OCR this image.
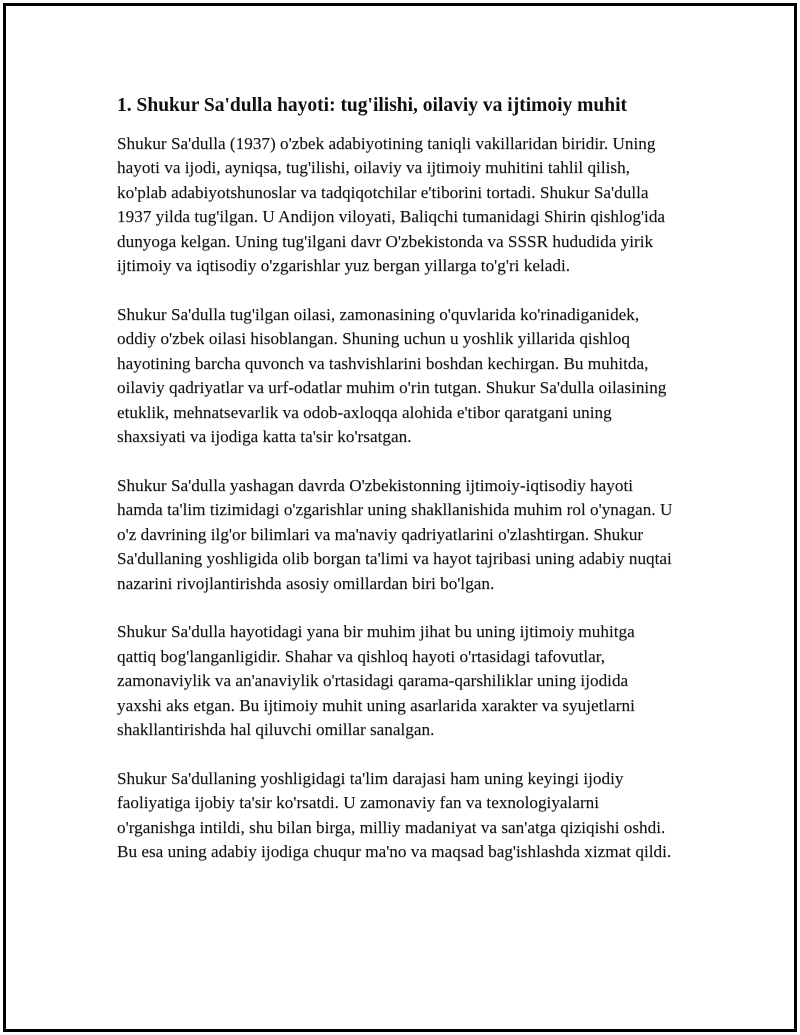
1. Shukur Sa'dulla hayoti: tug'ilishi, oilaviy va ijtimoiy muhit

Shukur Sa'dulla (1937) o'zbek adabiyotining taniqli vakillaridan biridir. Uning hayoti va ijodi, ayniqsa, tug'ilishi, oilaviy va ijtimoiy muhitini tahlil qilish, ko'plab adabiyotshunoslar va tadqiqotchilar e'tiborini tortadi. Shukur Sa'dulla 1937 yilda tug'ilgan. U Andijon viloyati, Baliqchi tumanidagi Shirin qishlog'ida dunyoga kelgan. Uning tug'ilgani davr O'zbekistonda va SSSR hududida yirik ijtimoiy va iqtisodiy o'zgarishlar yuz bergan yillarga to'g'ri keladi.

Shukur Sa'dulla tug'ilgan oilasi, zamonasining o'quvlarida ko'rinadiganidek, oddiy o'zbek oilasi hisoblangan. Shuning uchun u yoshlik yillarida qishloq hayotining barcha quvonch va tashvishlarini boshdan kechirgan. Bu muhitda, oilaviy qadriyatlar va urf-odatlar muhim o'rin tutgan. Shukur Sa'dulla oilasining etuklik, mehnatsevarlik va odob-axloqqa alohida e'tibor qaratgani uning shaxsiyati va ijodiga katta ta'sir ko'rsatgan.

Shukur Sa'dulla yashagan davrda O'zbekistonning ijtimoiy-iqtisodiy hayoti hamda ta'lim tizimidagi o'zgarishlar uning shakllanishida muhim rol o'ynagan. U o'z davrining ilg'or bilimlari va ma'naviy qadriyatlarini o'zlashtirgan. Shukur Sa'dullaning yoshligida olib borgan ta'limi va hayot tajribasi uning adabiy nuqtai nazarini rivojlantirishda asosiy omillardan biri bo'lgan.

Shukur Sa'dulla hayotidagi yana bir muhim jihat bu uning ijtimoiy muhitga qattiq bog'langanligidir. Shahar va qishloq hayoti o'rtasidagi tafovutlar, zamonaviylik va an'anaviylik o'rtasidagi qarama-qarshiliklar uning ijodida yaxshi aks etgan. Bu ijtimoiy muhit uning asarlarida xarakter va syujetlarni shakllantirishda hal qiluvchi omillar sanalgan.

Shukur Sa'dullaning yoshligidagi ta'lim darajasi ham uning keyingi ijodiy faoliyatiga ijobiy ta'sir ko'rsatdi. U zamonaviy fan va texnologiyalarni o'rganishga intildi, shu bilan birga, milliy madaniyat va san'atga qiziqishi oshdi. Bu esa uning adabiy ijodiga chuqur ma'no va maqsad bag'ishlashda xizmat qildi.
